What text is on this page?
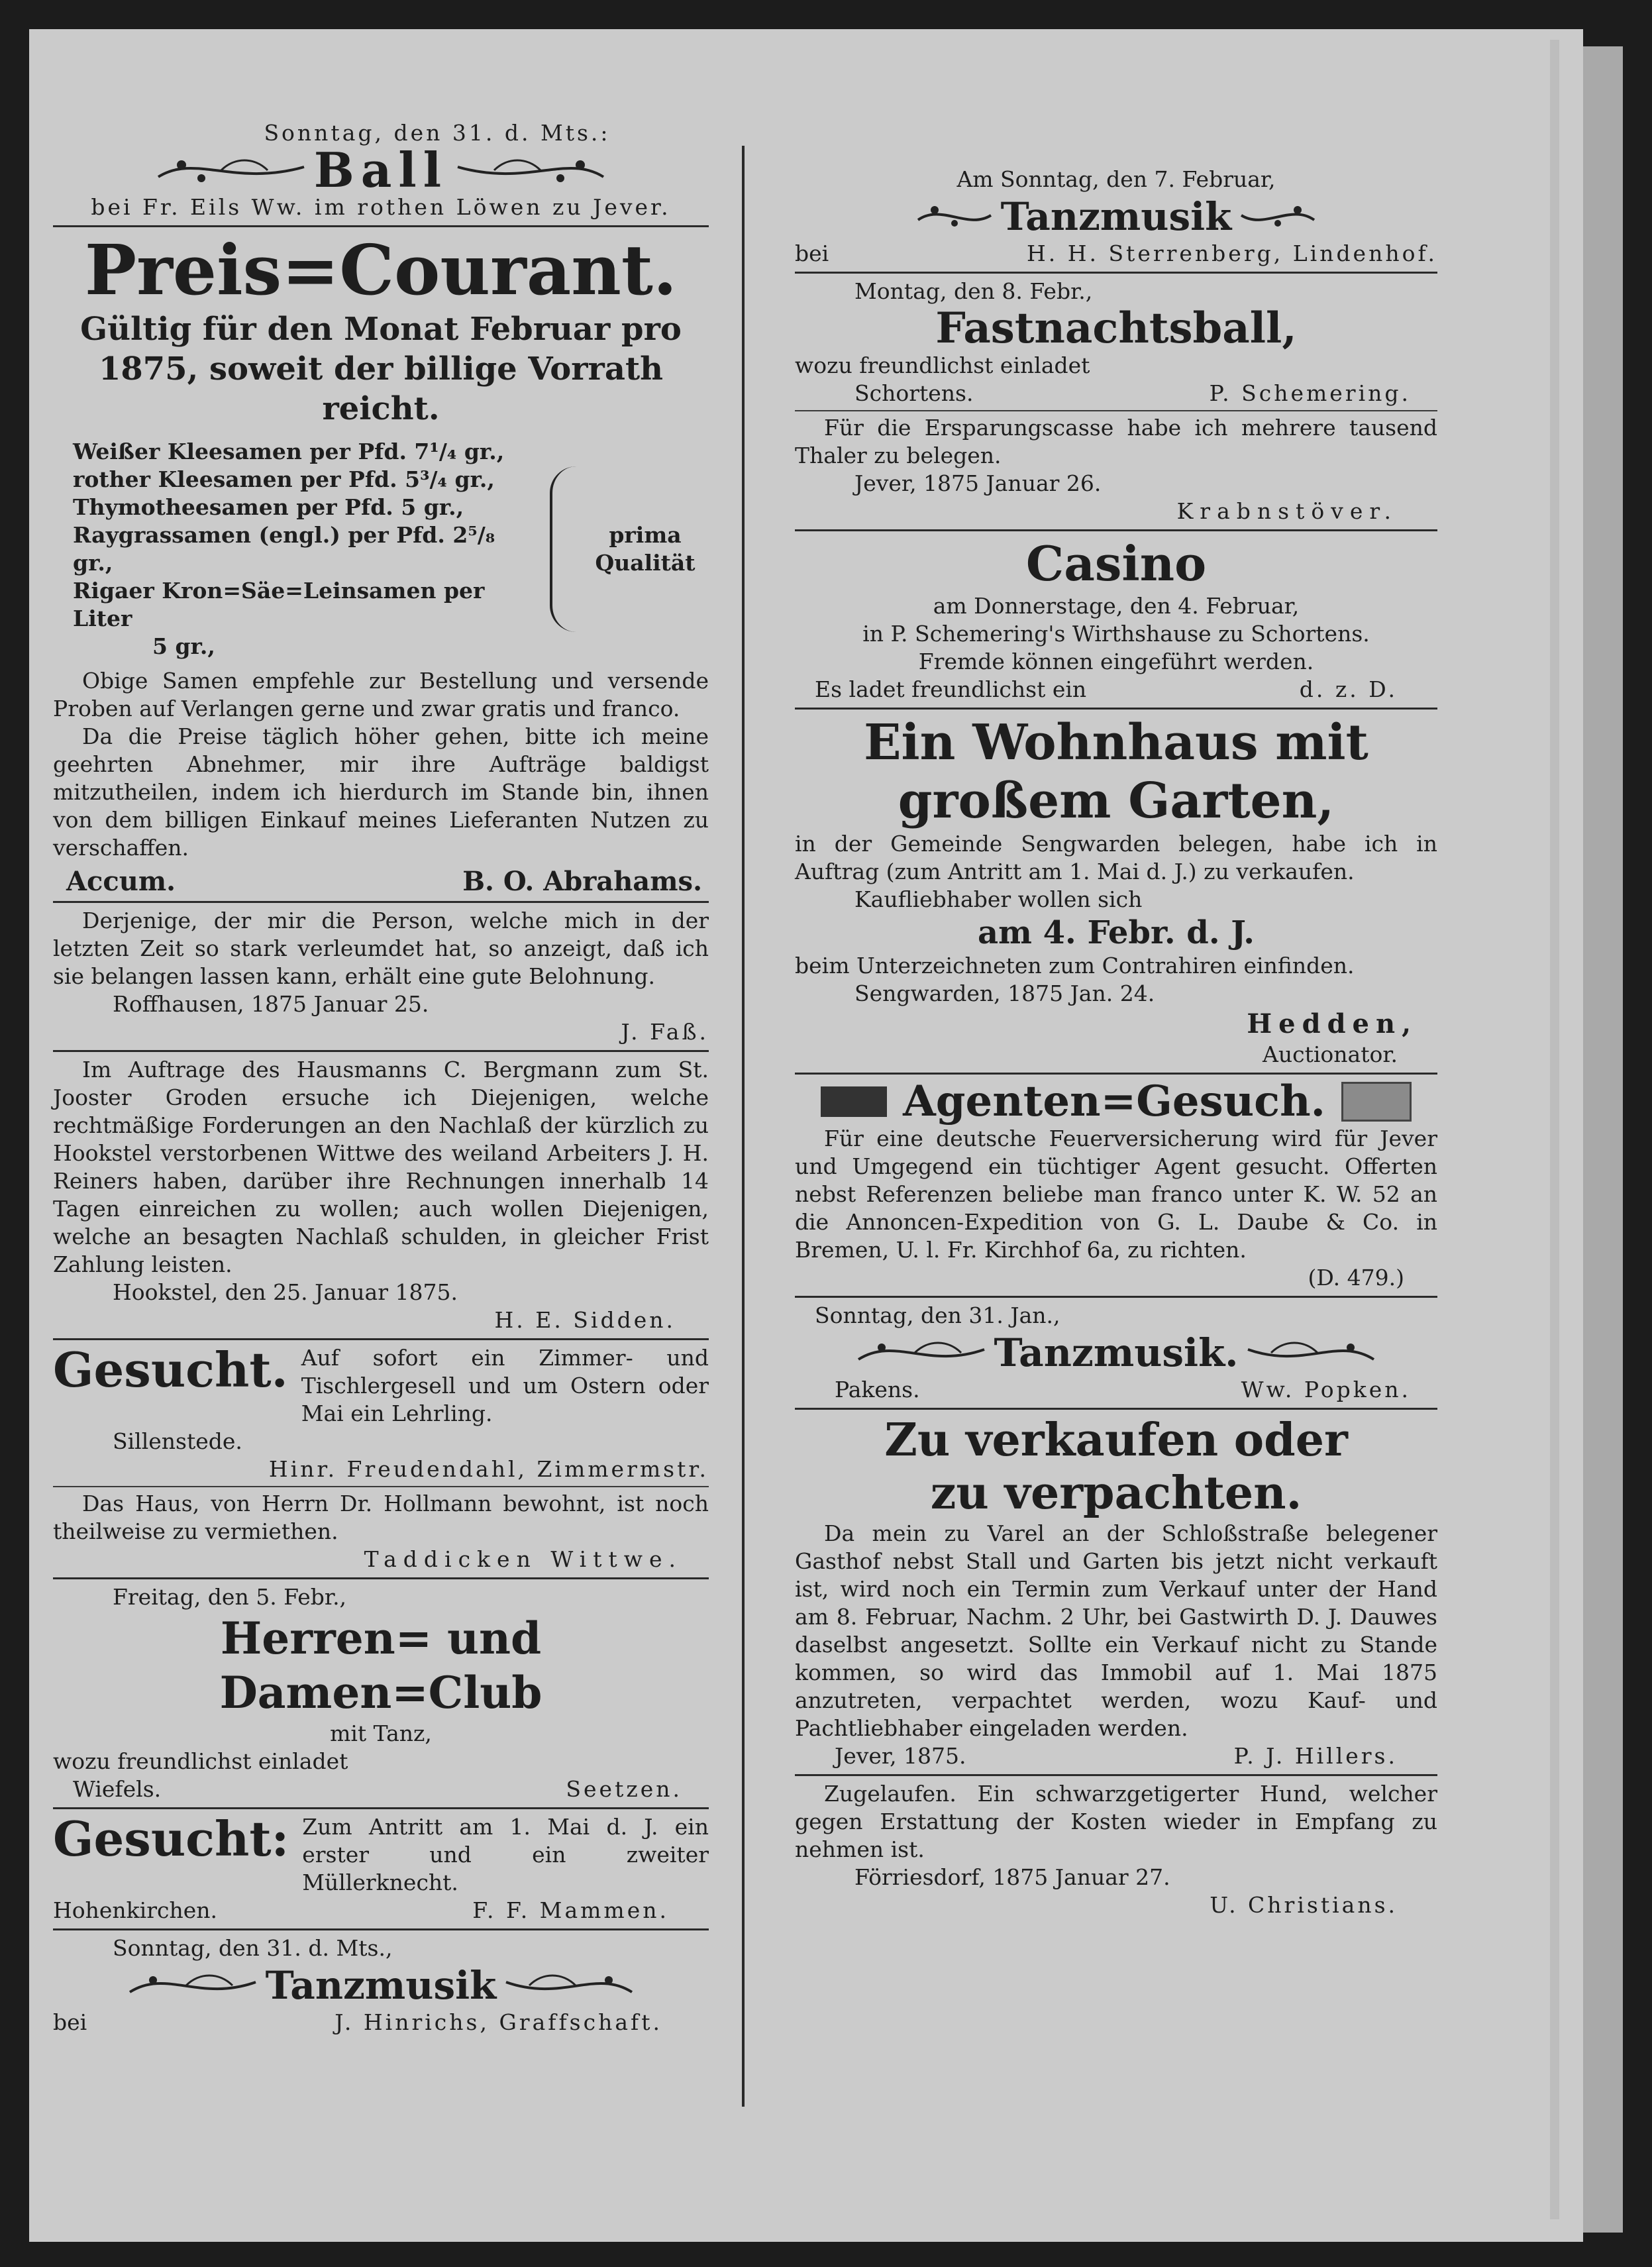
Sonntag, den 31. d. Mts.:
Ball
bei Fr. Eils Ww. im rothen Löwen zu Jever.
Preis=Courant.
Gültig für den Monat Februar pro 1875, soweit der billige Vorrath reicht.
Weißer Kleesamen per Pfd. 7¹/₄ gr.,
rother Kleesamen per Pfd. 5³/₄ gr.,
Thymotheesamen per Pfd. 5 gr.,
Raygrassamen (engl.) per Pfd. 2⁵/₈ gr.,
Rigaer Kron=Säe=Leinsamen per Liter
5 gr.,
prima Qualität
Obige Samen empfehle zur Bestellung und versende Proben auf Verlangen gerne und zwar gratis und franco.
Da die Preise täglich höher gehen, bitte ich meine geehrten Abnehmer, mir ihre Aufträge baldigst mitzutheilen, indem ich hierdurch im Stande bin, ihnen von dem billigen Einkauf meines Lieferanten Nutzen zu verschaffen.
Accum.	B. O. Abrahams.
Derjenige, der mir die Person, welche mich in der letzten Zeit so stark verleumdet hat, so anzeigt, daß ich sie belangen lassen kann, erhält eine gute Belohnung.
Roffhausen, 1875 Januar 25.
J. Faß.
Im Auftrage des Hausmanns C. Bergmann zum St. Jooster Groden ersuche ich Diejenigen, welche rechtmäßige Forderungen an den Nachlaß der kürzlich zu Hookstel verstorbenen Wittwe des weiland Arbeiters J. H. Reiners haben, darüber ihre Rechnungen innerhalb 14 Tagen einreichen zu wollen; auch wollen Diejenigen, welche an besagten Nachlaß schulden, in gleicher Frist Zahlung leisten.
Hookstel, den 25. Januar 1875.
H. E. Sidden.
Gesucht. Auf sofort ein Zimmer- und Tischlergesell und um Ostern oder Mai ein Lehrling.
Sillenstede.
Hinr. Freudendahl, Zimmermstr.
Das Haus, von Herrn Dr. Hollmann bewohnt, ist noch theilweise zu vermiethen.
Taddicken Wittwe.
Freitag, den 5. Febr.,
Herren= und Damen=Club
mit Tanz,
wozu freundlichst einladet
Wiefels.	Seetzen.
Gesucht: Zum Antritt am 1. Mai d. J. ein erster und ein zweiter Müllerknecht.
Hohenkirchen.	F. F. Mammen.
Sonntag, den 31. d. Mts.,
Tanzmusik
bei	J. Hinrichs, Graffschaft.
Am Sonntag, den 7. Februar,
Tanzmusik
bei	H. H. Sterrenberg, Lindenhof.
Montag, den 8. Febr.,
Fastnachtsball,
wozu freundlichst einladet
Schortens.	P. Schemering.
Für die Ersparungscasse habe ich mehrere tausend Thaler zu belegen.
Jever, 1875 Januar 26.
Krabnstöver.
Casino
am Donnerstage, den 4. Februar,
in P. Schemering's Wirthshause zu Schortens.
Fremde können eingeführt werden.
Es ladet freundlichst ein	d. z. D.
Ein Wohnhaus mit
großem Garten,
in der Gemeinde Sengwarden belegen, habe ich in Auftrag (zum Antritt am 1. Mai d. J.) zu verkaufen.
Kaufliebhaber wollen sich
am 4. Febr. d. J.
beim Unterzeichneten zum Contrahiren einfinden.
Sengwarden, 1875 Jan. 24.
Hedden,
Auctionator.
Agenten=Gesuch.
Für eine deutsche Feuerversicherung wird für Jever und Umgegend ein tüchtiger Agent gesucht. Offerten nebst Referenzen beliebe man franco unter K. W. 52 an die Annoncen-Expedition von G. L. Daube & Co. in Bremen, U. l. Fr. Kirchhof 6a, zu richten.
(D. 479.)
Sonntag, den 31. Jan.,
Tanzmusik.
Pakens.	Ww. Popken.
Zu verkaufen oder
zu verpachten.
Da mein zu Varel an der Schloßstraße belegener Gasthof nebst Stall und Garten bis jetzt nicht verkauft ist, wird noch ein Termin zum Verkauf unter der Hand am 8. Februar, Nachm. 2 Uhr, bei Gastwirth D. J. Dauwes daselbst angesetzt. Sollte ein Verkauf nicht zu Stande kommen, so wird das Immobil auf 1. Mai 1875 anzutreten, verpachtet werden, wozu Kauf- und Pachtliebhaber eingeladen werden.
Jever, 1875.	P. J. Hillers.
Zugelaufen. Ein schwarzgetigerter Hund, welcher gegen Erstattung der Kosten wieder in Empfang zu nehmen ist.
Förriesdorf, 1875 Januar 27.
U. Christians.
